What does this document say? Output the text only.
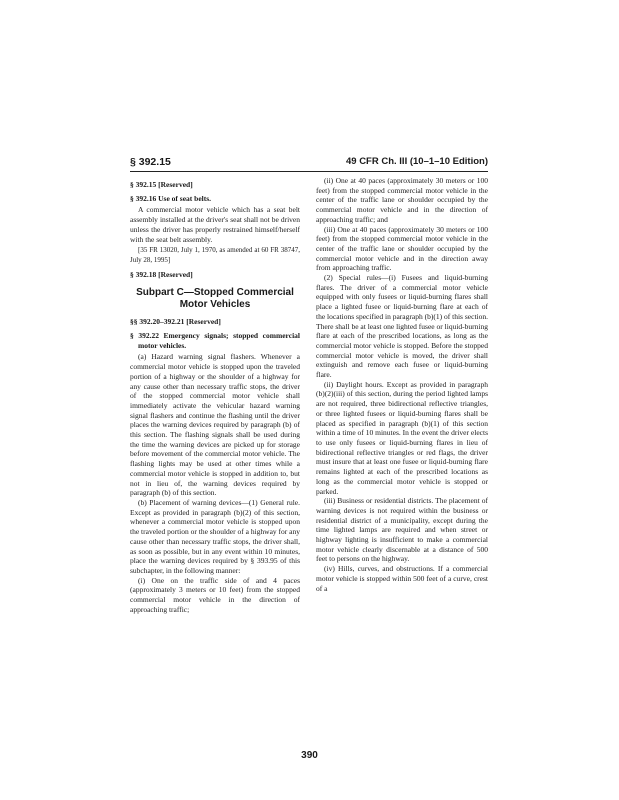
§ 392.15	49 CFR Ch. III (10–1–10 Edition)

§ 392.15 [Reserved]

§ 392.16 Use of seat belts.

A commercial motor vehicle which has a seat belt assembly installed at the driver's seat shall not be driven unless the driver has properly restrained himself/herself with the seat belt assembly.

[35 FR 13020, July 1, 1970, as amended at 60 FR 38747, July 28, 1995]

§ 392.18 [Reserved]

Subpart C—Stopped Commercial Motor Vehicles

§§ 392.20–392.21 [Reserved]

§ 392.22 Emergency signals; stopped commercial motor vehicles.

(a) Hazard warning signal flashers. Whenever a commercial motor vehicle is stopped upon the traveled portion of a highway or the shoulder of a highway for any cause other than necessary traffic stops, the driver of the stopped commercial motor vehicle shall immediately activate the vehicular hazard warning signal flashers and continue the flashing until the driver places the warning devices required by paragraph (b) of this section. The flashing signals shall be used during the time the warning devices are picked up for storage before movement of the commercial motor vehicle. The flashing lights may be used at other times while a commercial motor vehicle is stopped in addition to, but not in lieu of, the warning devices required by paragraph (b) of this section.

(b) Placement of warning devices—(1) General rule. Except as provided in paragraph (b)(2) of this section, whenever a commercial motor vehicle is stopped upon the traveled portion or the shoulder of a highway for any cause other than necessary traffic stops, the driver shall, as soon as possible, but in any event within 10 minutes, place the warning devices required by § 393.95 of this subchapter, in the following manner:

(i) One on the traffic side of and 4 paces (approximately 3 meters or 10 feet) from the stopped commercial motor vehicle in the direction of approaching traffic;

(ii) One at 40 paces (approximately 30 meters or 100 feet) from the stopped commercial motor vehicle in the center of the traffic lane or shoulder occupied by the commercial motor vehicle and in the direction of approaching traffic; and

(iii) One at 40 paces (approximately 30 meters or 100 feet) from the stopped commercial motor vehicle in the center of the traffic lane or shoulder occupied by the commercial motor vehicle and in the direction away from approaching traffic.

(2) Special rules—(i) Fusees and liquid-burning flares. The driver of a commercial motor vehicle equipped with only fusees or liquid-burning flares shall place a lighted fusee or liquid-burning flare at each of the locations specified in paragraph (b)(1) of this section. There shall be at least one lighted fusee or liquid-burning flare at each of the prescribed locations, as long as the commercial motor vehicle is stopped. Before the stopped commercial motor vehicle is moved, the driver shall extinguish and remove each fusee or liquid-burning flare.

(ii) Daylight hours. Except as provided in paragraph (b)(2)(iii) of this section, during the period lighted lamps are not required, three bidirectional reflective triangles, or three lighted fusees or liquid-burning flares shall be placed as specified in paragraph (b)(1) of this section within a time of 10 minutes. In the event the driver elects to use only fusees or liquid-burning flares in lieu of bidirectional reflective triangles or red flags, the driver must insure that at least one fusee or liquid-burning flare remains lighted at each of the prescribed locations as long as the commercial motor vehicle is stopped or parked.

(iii) Business or residential districts. The placement of warning devices is not required within the business or residential district of a municipality, except during the time lighted lamps are required and when street or highway lighting is insufficient to make a commercial motor vehicle clearly discernable at a distance of 500 feet to persons on the highway.

(iv) Hills, curves, and obstructions. If a commercial motor vehicle is stopped within 500 feet of a curve, crest of a

390
